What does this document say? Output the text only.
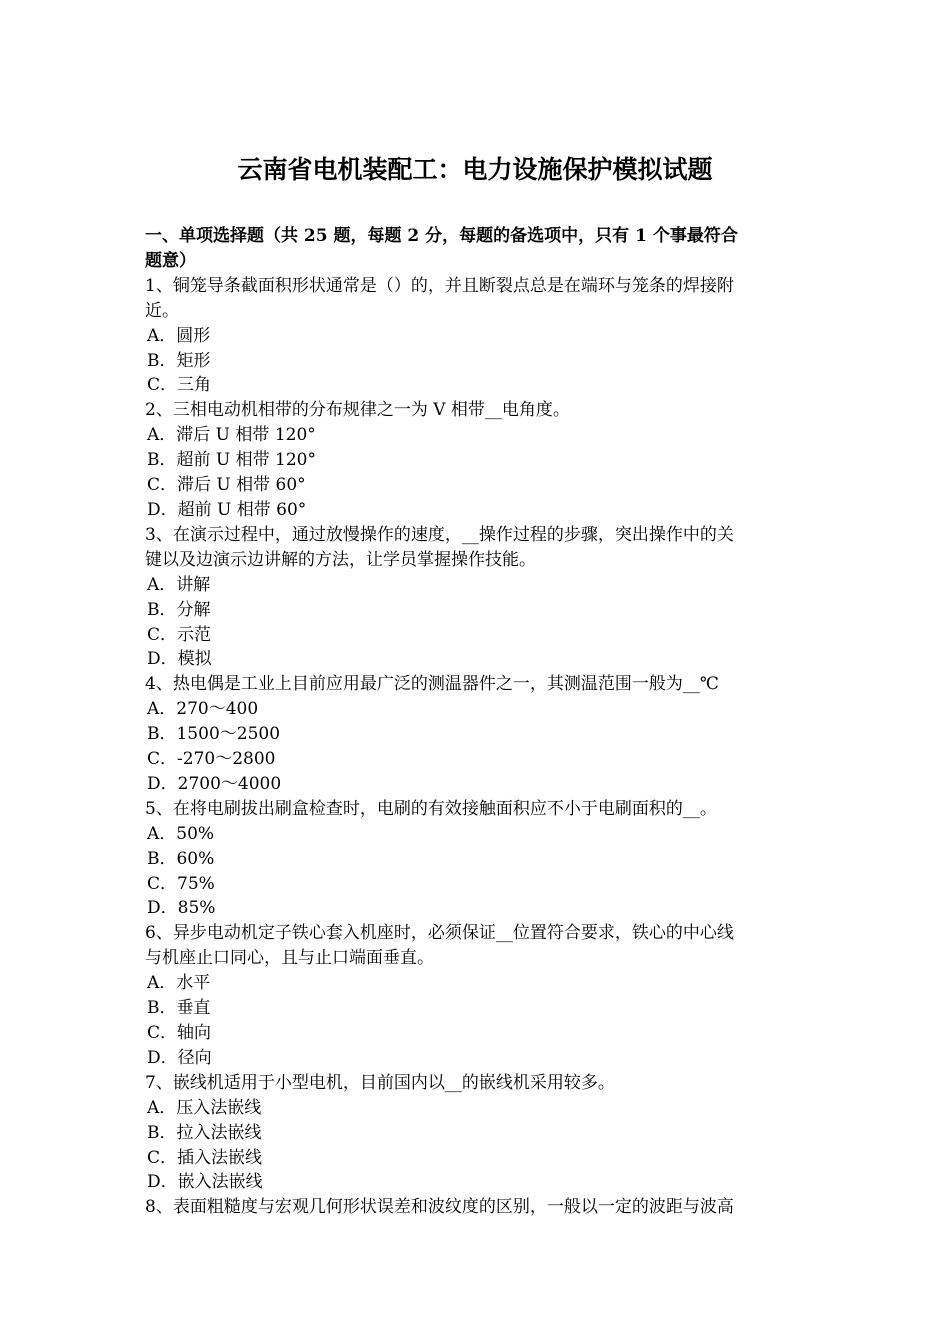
云南省电机装配工：电力设施保护模拟试题
一、单项选择题（共 25 题，每题 2 分，每题的备选项中，只有 1 个事最符合
题意）
1、铜笼导条截面积形状通常是（）的，并且断裂点总是在端环与笼条的焊接附
近。
A．圆形
B．矩形
C．三角
2、三相电动机相带的分布规律之一为 V 相带__电角度。
A．滞后 U 相带 120°
B．超前 U 相带 120°
C．滞后 U 相带 60°
D．超前 U 相带 60°
3、在演示过程中，通过放慢操作的速度，__操作过程的步骤，突出操作中的关
键以及边演示边讲解的方法，让学员掌握操作技能。
A．讲解
B．分解
C．示范
D．模拟
4、热电偶是工业上目前应用最广泛的测温器件之一，其测温范围一般为__℃
A．270～400
B．1500～2500
C．-270～2800
D．2700～4000
5、在将电刷拔出刷盒检查时，电刷的有效接触面积应不小于电刷面积的__。
A．50%
B．60%
C．75%
D．85%
6、异步电动机定子铁心套入机座时，必须保证__位置符合要求，铁心的中心线
与机座止口同心，且与止口端面垂直。
A．水平
B．垂直
C．轴向
D．径向
7、嵌线机适用于小型电机，目前国内以__的嵌线机采用较多。
A．压入法嵌线
B．拉入法嵌线
C．插入法嵌线
D．嵌入法嵌线
8、表面粗糙度与宏观几何形状误差和波纹度的区别，一般以一定的波距与波高
